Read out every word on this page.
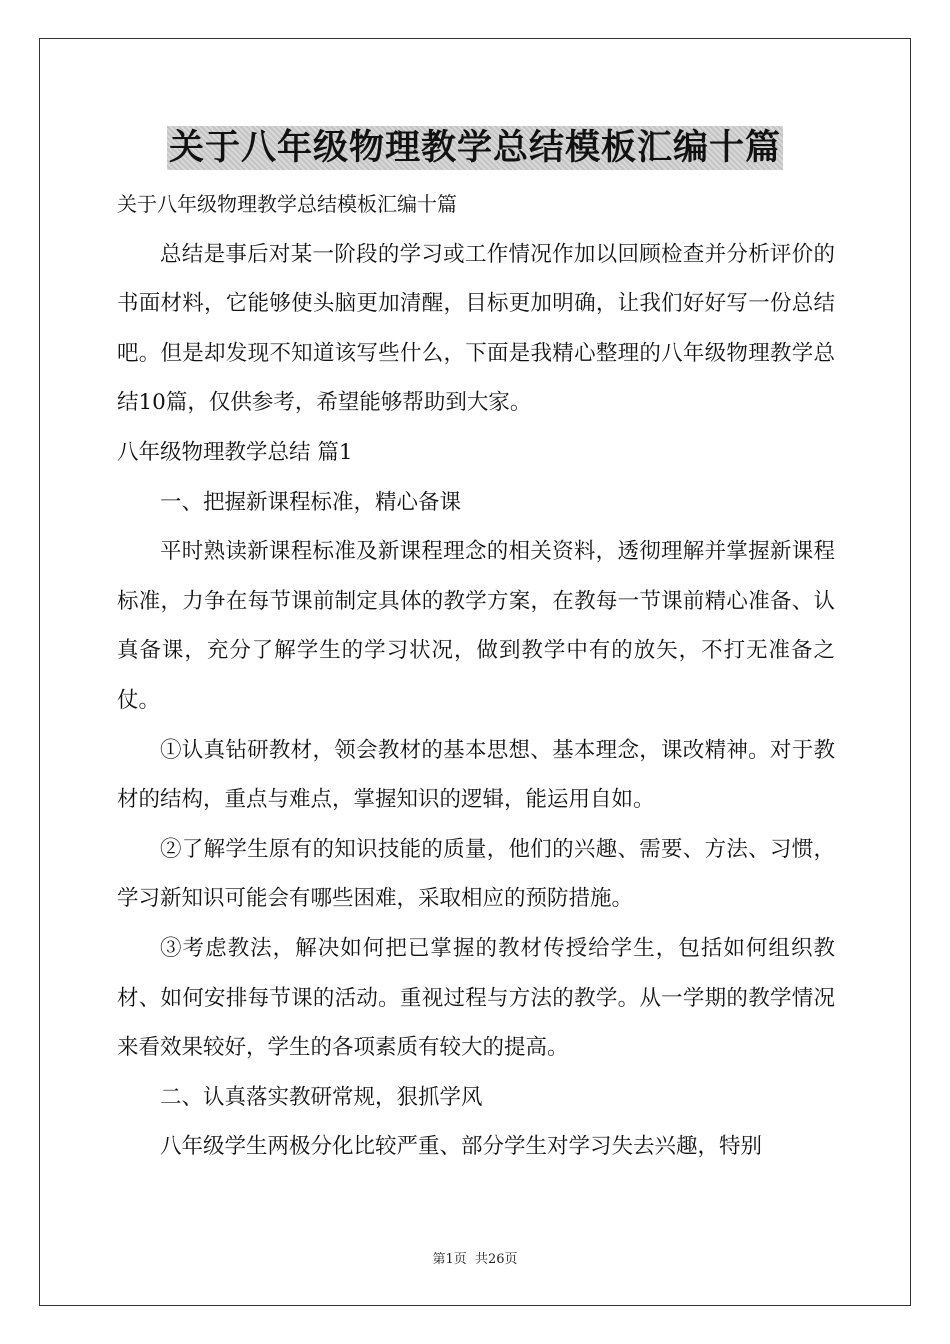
关于八年级物理教学总结模板汇编十篇

关于八年级物理教学总结模板汇编十篇

总结是事后对某一阶段的学习或工作情况作加以回顾检查并分析评价的书面材料，它能够使头脑更加清醒，目标更加明确，让我们好好写一份总结吧。但是却发现不知道该写些什么，下面是我精心整理的八年级物理教学总结10篇，仅供参考，希望能够帮助到大家。

八年级物理教学总结 篇1

一、把握新课程标准，精心备课

平时熟读新课程标准及新课程理念的相关资料，透彻理解并掌握新课程标准，力争在每节课前制定具体的教学方案，在教每一节课前精心准备、认真备课，充分了解学生的学习状况，做到教学中有的放矢，不打无准备之仗。

①认真钻研教材，领会教材的基本思想、基本理念，课改精神。对于教材的结构，重点与难点，掌握知识的逻辑，能运用自如。

②了解学生原有的知识技能的质量，他们的兴趣、需要、方法、习惯，学习新知识可能会有哪些困难，采取相应的预防措施。

③考虑教法，解决如何把已掌握的教材传授给学生，包括如何组织教材、如何安排每节课的活动。重视过程与方法的教学。从一学期的教学情况来看效果较好，学生的各项素质有较大的提高。

二、认真落实教研常规，狠抓学风

八年级学生两极分化比较严重、部分学生对学习失去兴趣，特别

第1页 共26页
